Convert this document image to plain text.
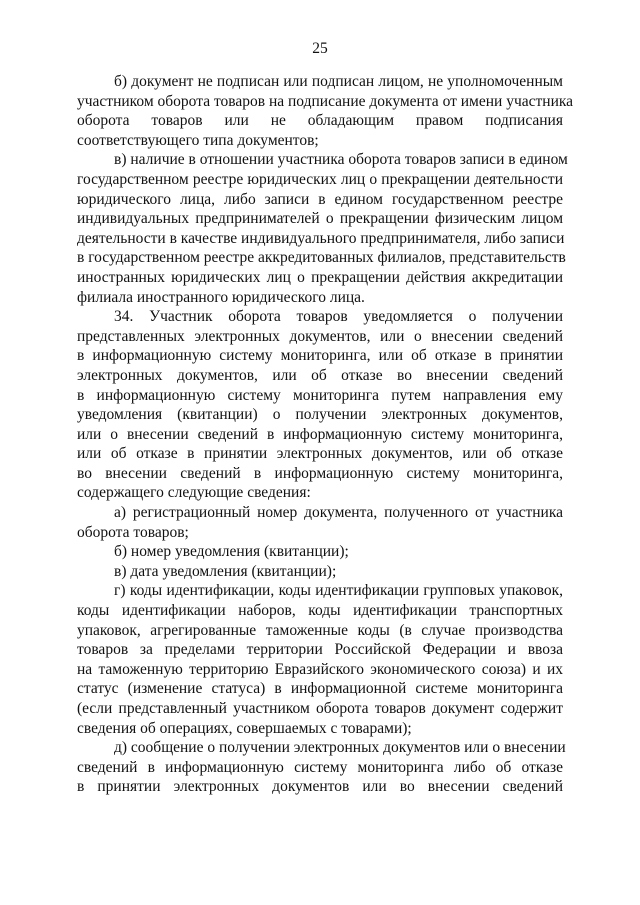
25
б) документ не подписан или подписан лицом, не уполномоченным
участником оборота товаров на подписание документа от имени участника
оборота товаров или не обладающим правом подписания
соответствующего типа документов;
в) наличие в отношении участника оборота товаров записи в едином
государственном реестре юридических лиц о прекращении деятельности
юридического лица, либо записи в едином государственном реестре
индивидуальных предпринимателей о прекращении физическим лицом
деятельности в качестве индивидуального предпринимателя, либо записи
в государственном реестре аккредитованных филиалов, представительств
иностранных юридических лиц о прекращении действия аккредитации
филиала иностранного юридического лица.
34. Участник оборота товаров уведомляется о получении
представленных электронных документов, или о внесении сведений
в информационную систему мониторинга, или об отказе в принятии
электронных документов, или об отказе во внесении сведений
в информационную систему мониторинга путем направления ему
уведомления (квитанции) о получении электронных документов,
или о внесении сведений в информационную систему мониторинга,
или об отказе в принятии электронных документов, или об отказе
во внесении сведений в информационную систему мониторинга,
содержащего следующие сведения:
а) регистрационный номер документа, полученного от участника
оборота товаров;
б) номер уведомления (квитанции);
в) дата уведомления (квитанции);
г) коды идентификации, коды идентификации групповых упаковок,
коды идентификации наборов, коды идентификации транспортных
упаковок, агрегированные таможенные коды (в случае производства
товаров за пределами территории Российской Федерации и ввоза
на таможенную территорию Евразийского экономического союза) и их
статус (изменение статуса) в информационной системе мониторинга
(если представленный участником оборота товаров документ содержит
сведения об операциях, совершаемых с товарами);
д) сообщение о получении электронных документов или о внесении
сведений в информационную систему мониторинга либо об отказе
в принятии электронных документов или во внесении сведений
